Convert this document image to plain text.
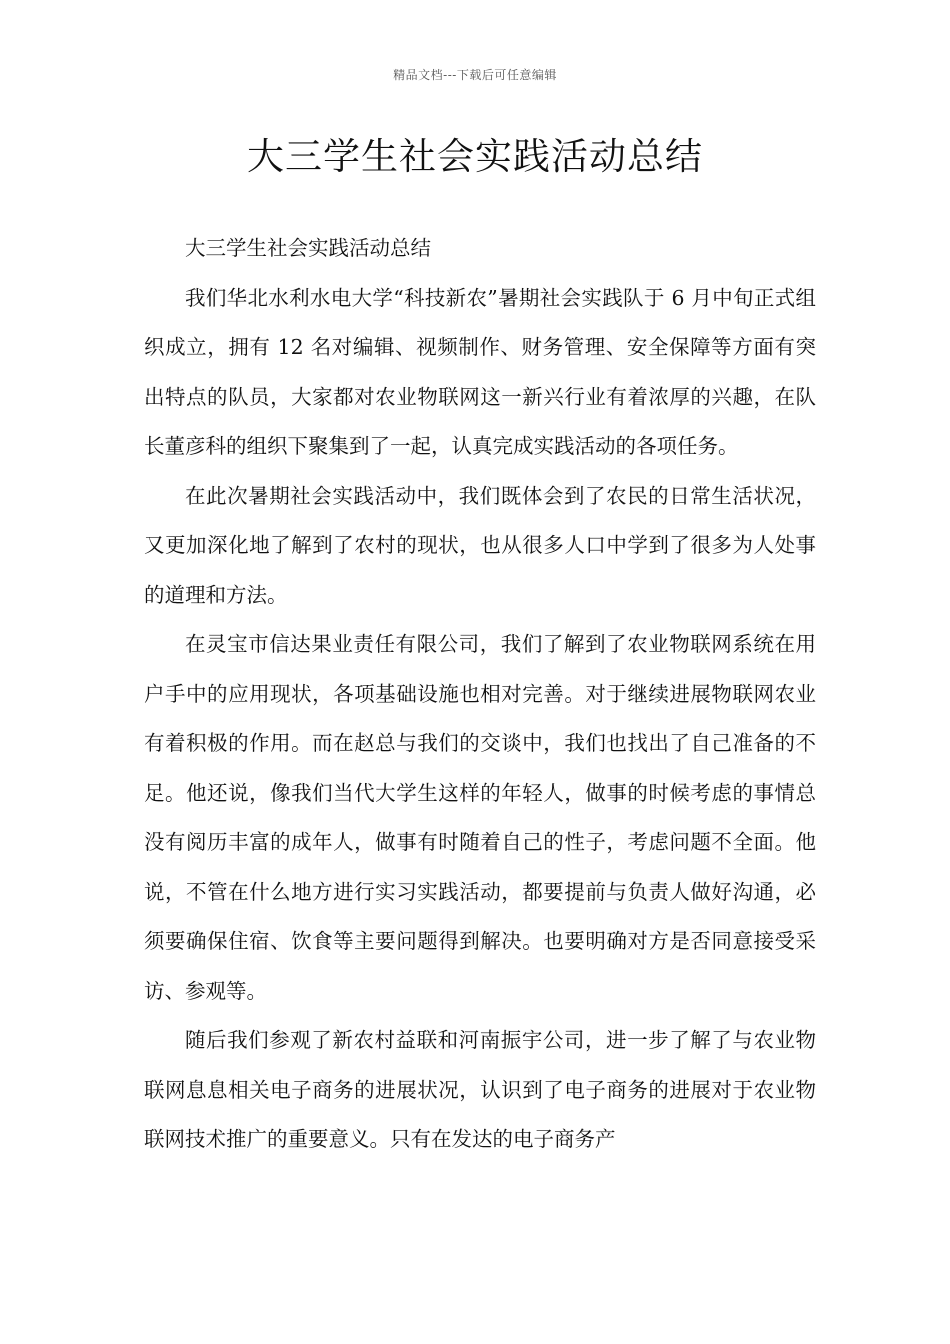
精品文档---下载后可任意编辑
大三学生社会实践活动总结

大三学生社会实践活动总结

我们华北水利水电大学“科技新农”暑期社会实践队于 6 月中旬正式组织成立，拥有 12 名对编辑、视频制作、财务管理、安全保障等方面有突出特点的队员，大家都对农业物联网这一新兴行业有着浓厚的兴趣，在队长董彦科的组织下聚集到了一起，认真完成实践活动的各项任务。

在此次暑期社会实践活动中，我们既体会到了农民的日常生活状况，又更加深化地了解到了农村的现状，也从很多人口中学到了很多为人处事的道理和方法。

在灵宝市信达果业责任有限公司，我们了解到了农业物联网系统在用户手中的应用现状，各项基础设施也相对完善。对于继续进展物联网农业有着积极的作用。而在赵总与我们的交谈中，我们也找出了自己准备的不足。他还说，像我们当代大学生这样的年轻人，做事的时候考虑的事情总没有阅历丰富的成年人，做事有时随着自己的性子，考虑问题不全面。他说，不管在什么地方进行实习实践活动，都要提前与负责人做好沟通，必须要确保住宿、饮食等主要问题得到解决。也要明确对方是否同意接受采访、参观等。

随后我们参观了新农村益联和河南振宇公司，进一步了解了与农业物联网息息相关电子商务的进展状况，认识到了电子商务的进展对于农业物联网技术推广的重要意义。只有在发达的电子商务产
